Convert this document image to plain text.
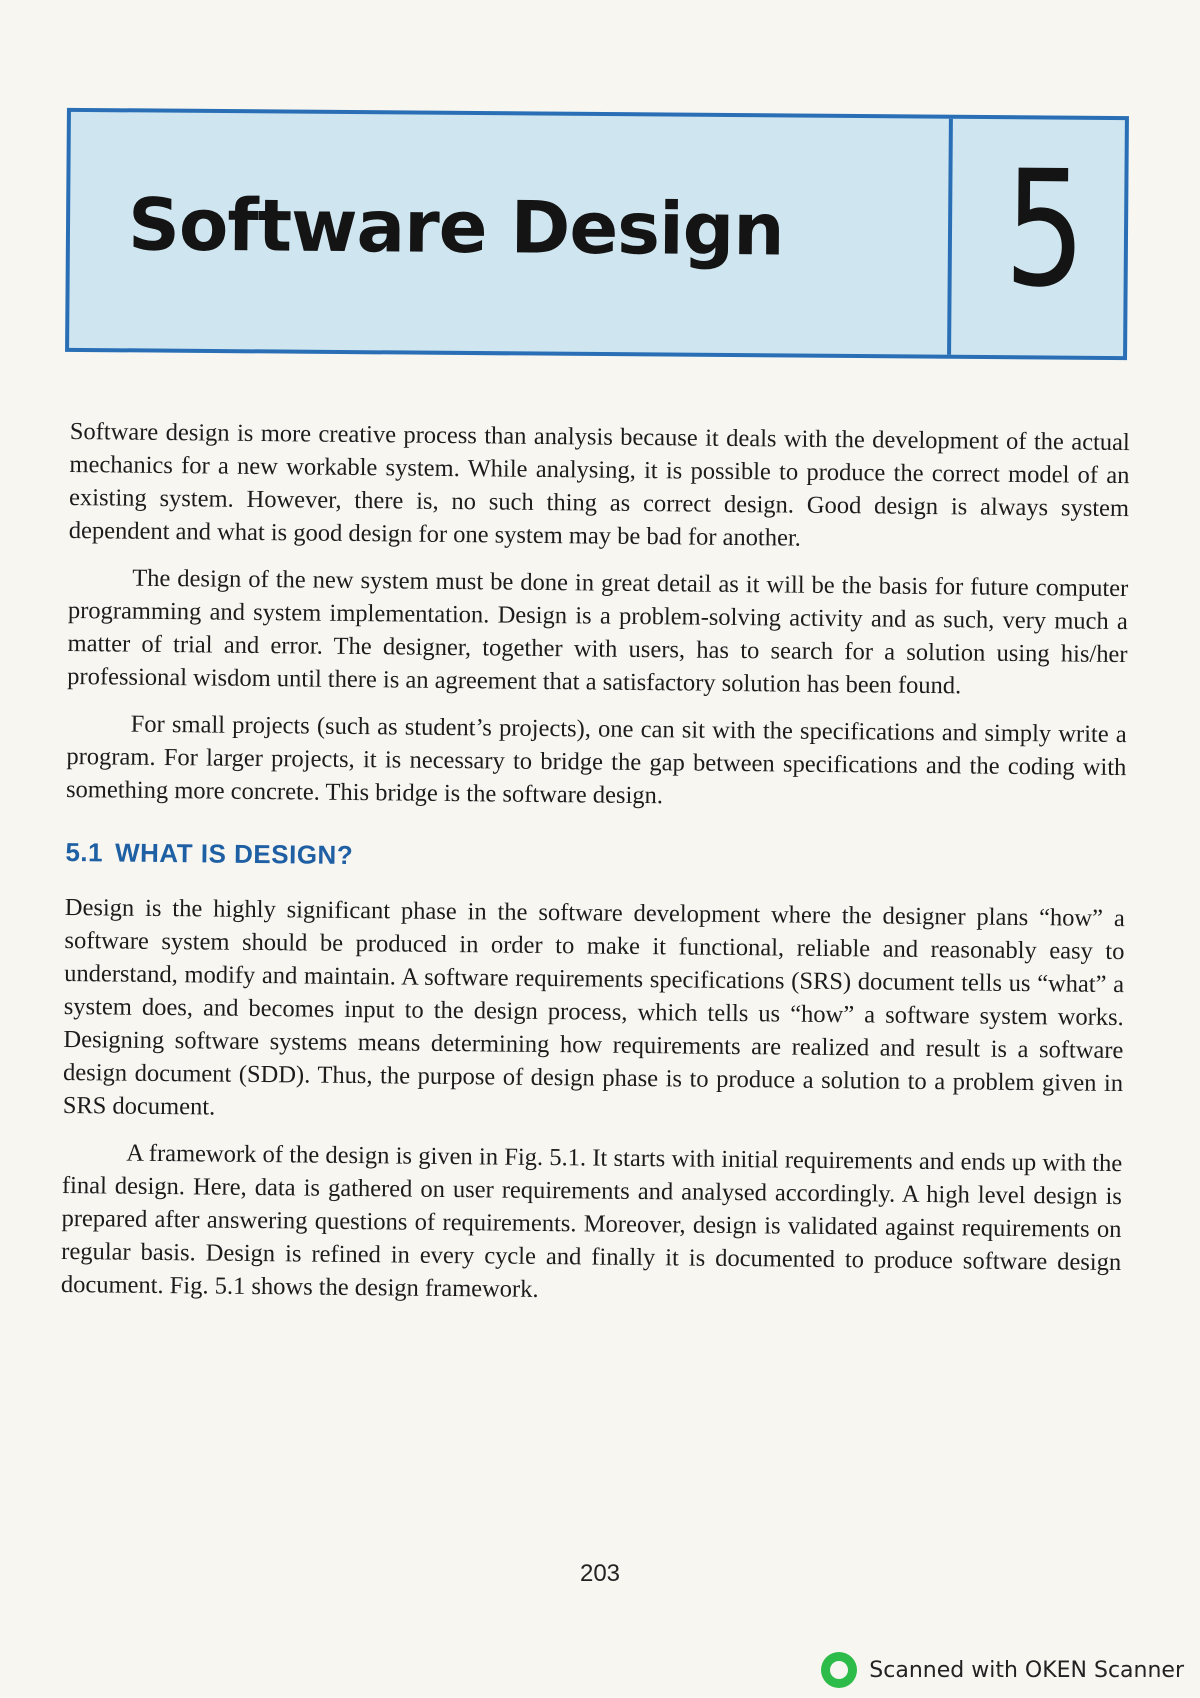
Software Design 5

Software design is more creative process than analysis because it deals with the development of the actual mechanics for a new workable system. While analysing, it is possible to produce the correct model of an existing system. However, there is, no such thing as correct design. Good design is always system dependent and what is good design for one system may be bad for another.

The design of the new system must be done in great detail as it will be the basis for future computer programming and system implementation. Design is a problem-solving activity and as such, very much a matter of trial and error. The designer, together with users, has to search for a solution using his/her professional wisdom until there is an agreement that a satisfactory solution has been found.

For small projects (such as student’s projects), one can sit with the specifications and simply write a program. For larger projects, it is necessary to bridge the gap between specifications and the coding with something more concrete. This bridge is the software design.

5.1 WHAT IS DESIGN?

Design is the highly significant phase in the software development where the designer plans “how” a software system should be produced in order to make it functional, reliable and reasonably easy to understand, modify and maintain. A software requirements specifications (SRS) document tells us “what” a system does, and becomes input to the design process, which tells us “how” a software system works. Designing software systems means determining how requirements are realized and result is a software design document (SDD). Thus, the purpose of design phase is to produce a solution to a problem given in SRS document.

A framework of the design is given in Fig. 5.1. It starts with initial requirements and ends up with the final design. Here, data is gathered on user requirements and analysed accordingly. A high level design is prepared after answering questions of requirements. Moreover, design is validated against requirements on regular basis. Design is refined in every cycle and finally it is documented to produce software design document. Fig. 5.1 shows the design framework.

203
Scanned with OKEN Scanner
